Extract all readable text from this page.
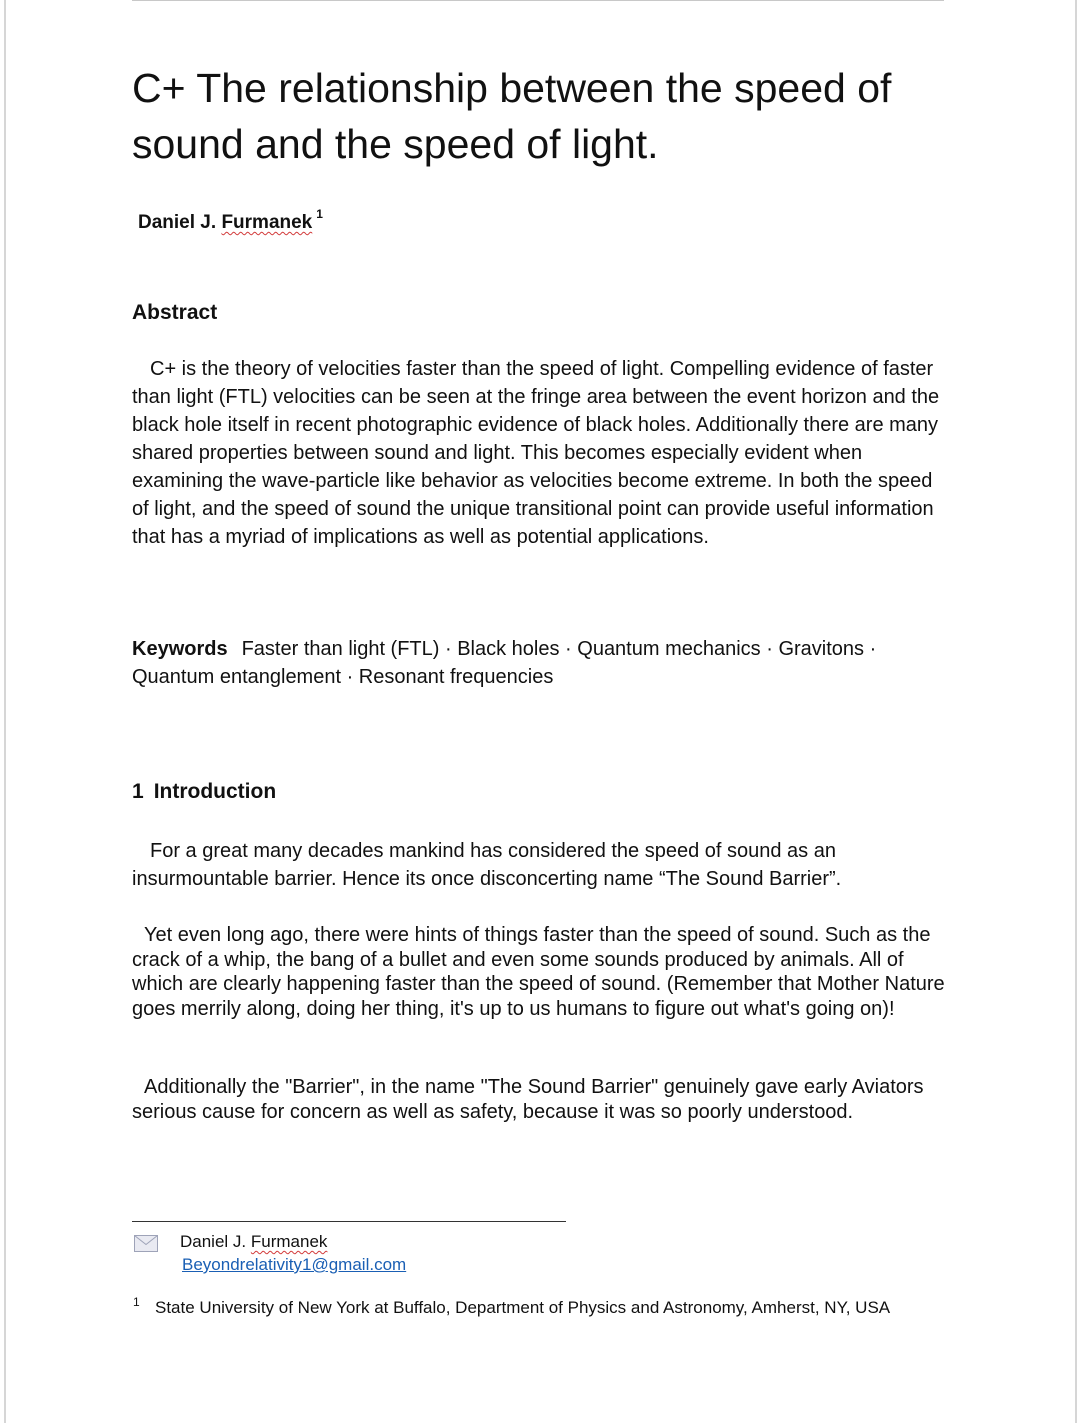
C+ The relationship between the speed of sound and the speed of light.
Daniel J. Furmanek $^1$
Abstract

C+ is the theory of velocities faster than the speed of light. Compelling evidence of faster than light (FTL) velocities can be seen at the fringe area between the event horizon and the black hole itself in recent photographic evidence of black holes. Additionally there are many shared properties between sound and light. This becomes especially evident when examining the wave-particle like behavior as velocities become extreme. In both the speed of light, and the speed of sound the unique transitional point can provide useful information that has a myriad of implications as well as potential applications.

Keywords Faster than light (FTL) · Black holes · Quantum mechanics · Gravitons · Quantum entanglement · Resonant frequencies

1 Introduction

For a great many decades mankind has considered the speed of sound as an insurmountable barrier. Hence its once disconcerting name “The Sound Barrier”.

Yet even long ago, there were hints of things faster than the speed of sound. Such as the crack of a whip, the bang of a bullet and even some sounds produced by animals. All of which are clearly happening faster than the speed of sound. (Remember that Mother Nature goes merrily along, doing her thing, it's up to us humans to figure out what's going on)!

Additionally the "Barrier", in the name "The Sound Barrier" genuinely gave early Aviators serious cause for concern as well as safety, because it was so poorly understood.

Daniel J. Furmanek
Beyondrelativity1@gmail.com
1 State University of New York at Buffalo, Department of Physics and Astronomy, Amherst, NY, USA
